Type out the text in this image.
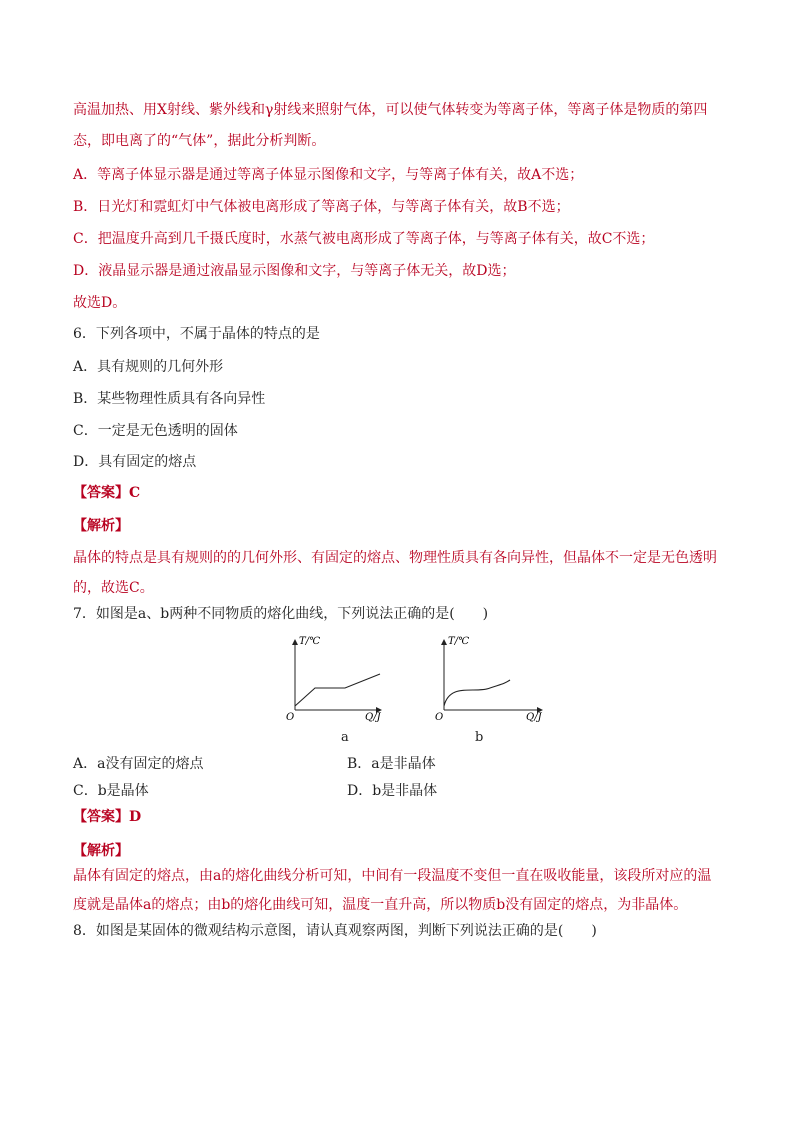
高温加热、用X射线、紫外线和γ射线来照射气体，可以使气体转变为等离子体，等离子体是物质的第四
态，即电离了的“气体”，据此分析判断。
A．等离子体显示器是通过等离子体显示图像和文字，与等离子体有关，故A不选；
B．日光灯和霓虹灯中气体被电离形成了等离子体，与等离子体有关，故B不选；
C．把温度升高到几千摄氏度时，水蒸气被电离形成了等离子体，与等离子体有关，故C不选；
D．液晶显示器是通过液晶显示图像和文字，与等离子体无关，故D选；
故选D。
6．下列各项中，不属于晶体的特点的是
A．具有规则的几何外形
B．某些物理性质具有各向异性
C．一定是无色透明的固体
D．具有固定的熔点
【答案】C
【解析】
晶体的特点是具有规则的的几何外形、有固定的熔点、物理性质具有各向异性，但晶体不一定是无色透明
的，故选C。
7．如图是a、b两种不同物质的熔化曲线，下列说法正确的是(　　)
T/℃
O	Q/J
T/℃
O	Q/J
a	b
A．a没有固定的熔点	B．a是非晶体
C．b是晶体	D．b是非晶体
【答案】D
【解析】
晶体有固定的熔点，由a的熔化曲线分析可知，中间有一段温度不变但一直在吸收能量，该段所对应的温
度就是晶体a的熔点；由b的熔化曲线可知，温度一直升高，所以物质b没有固定的熔点，为非晶体。
8．如图是某固体的微观结构示意图，请认真观察两图，判断下列说法正确的是(　　)
